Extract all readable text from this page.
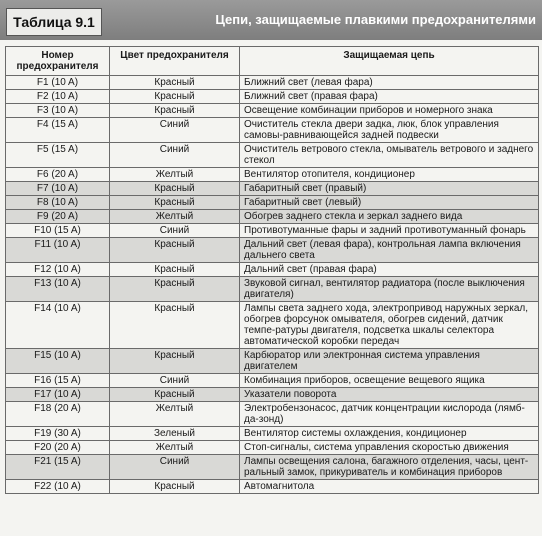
Таблица 9.1	Цепи, защищаемые плавкими предохранителями
Номер предохранителя	Цвет предохранителя	Защищаемая цепь
F1 (10 A)	Красный	Ближний свет (левая фара)
F2 (10 A)	Красный	Ближний свет (правая фара)
F3 (10 A)	Красный	Освещение комбинации приборов и номерного знака
F4 (15 A)	Синий	Очиститель стекла двери задка, люк, блок управления самовы-равнивающейся задней подвески
F5 (15 A)	Синий	Очиститель ветрового стекла, омыватель ветрового и заднего стекол
F6 (20 A)	Желтый	Вентилятор отопителя, кондиционер
F7 (10 A)	Красный	Габаритный свет (правый)
F8 (10 A)	Красный	Габаритный свет (левый)
F9 (20 A)	Желтый	Обогрев заднего стекла и зеркал заднего вида
F10 (15 A)	Синий	Противотуманные фары и задний противотуманный фонарь
F11 (10 A)	Красный	Дальний свет (левая фара), контрольная лампа включения дальнего света
F12 (10 A)	Красный	Дальний свет (правая фара)
F13 (10 A)	Красный	Звуковой сигнал, вентилятор радиатора (после выключения двигателя)
F14 (10 A)	Красный	Лампы света заднего хода, электропривод наружных зеркал, обогрев форсунок омывателя, обогрев сидений, датчик темпе-ратуры двигателя, подсветка шкалы селектора автоматической коробки передач
F15 (10 A)	Красный	Карбюратор или электронная система управления двигателем
F16 (15 A)	Синий	Комбинация приборов, освещение вещевого ящика
F17 (10 A)	Красный	Указатели поворота
F18 (20 A)	Желтый	Электробензонасос, датчик концентрации кислорода (лямб-да-зонд)
F19 (30 A)	Зеленый	Вентилятор системы охлаждения, кондиционер
F20 (20 A)	Желтый	Стоп-сигналы, система управления скоростью движения
F21 (15 A)	Синий	Лампы освещения салона, багажного отделения, часы, цент-ральный замок, прикуриватель и комбинация приборов
F22 (10 A)	Красный	Автомагнитола
